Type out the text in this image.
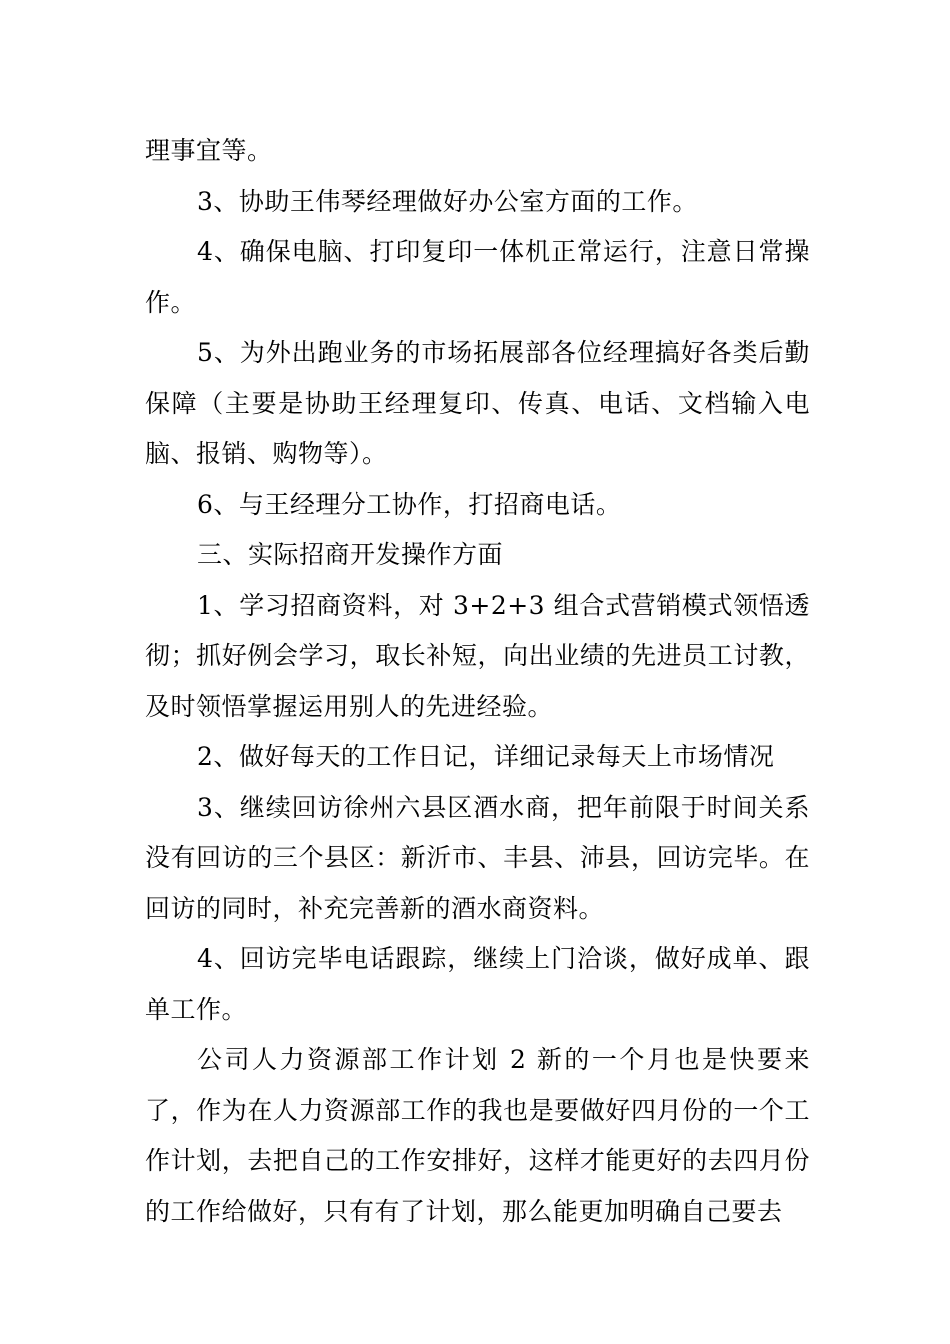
理事宜等。

3、协助王伟琴经理做好办公室方面的工作。

4、确保电脑、打印复印一体机正常运行，注意日常操作。

5、为外出跑业务的市场拓展部各位经理搞好各类后勤保障（主要是协助王经理复印、传真、电话、文档输入电脑、报销、购物等）。

6、与王经理分工协作，打招商电话。

三、实际招商开发操作方面

1、学习招商资料，对 3+2+3 组合式营销模式领悟透彻；抓好例会学习，取长补短，向出业绩的先进员工讨教，及时领悟掌握运用别人的先进经验。

2、做好每天的工作日记，详细记录每天上市场情况

3、继续回访徐州六县区酒水商，把年前限于时间关系没有回访的三个县区：新沂市、丰县、沛县，回访完毕。在回访的同时，补充完善新的酒水商资料。

4、回访完毕电话跟踪，继续上门洽谈，做好成单、跟单工作。

公司人力资源部工作计划 2 新的一个月也是快要来了，作为在人力资源部工作的我也是要做好四月份的一个工作计划，去把自己的工作安排好，这样才能更好的去四月份的工作给做好，只有有了计划，那么能更加明确自己要去
